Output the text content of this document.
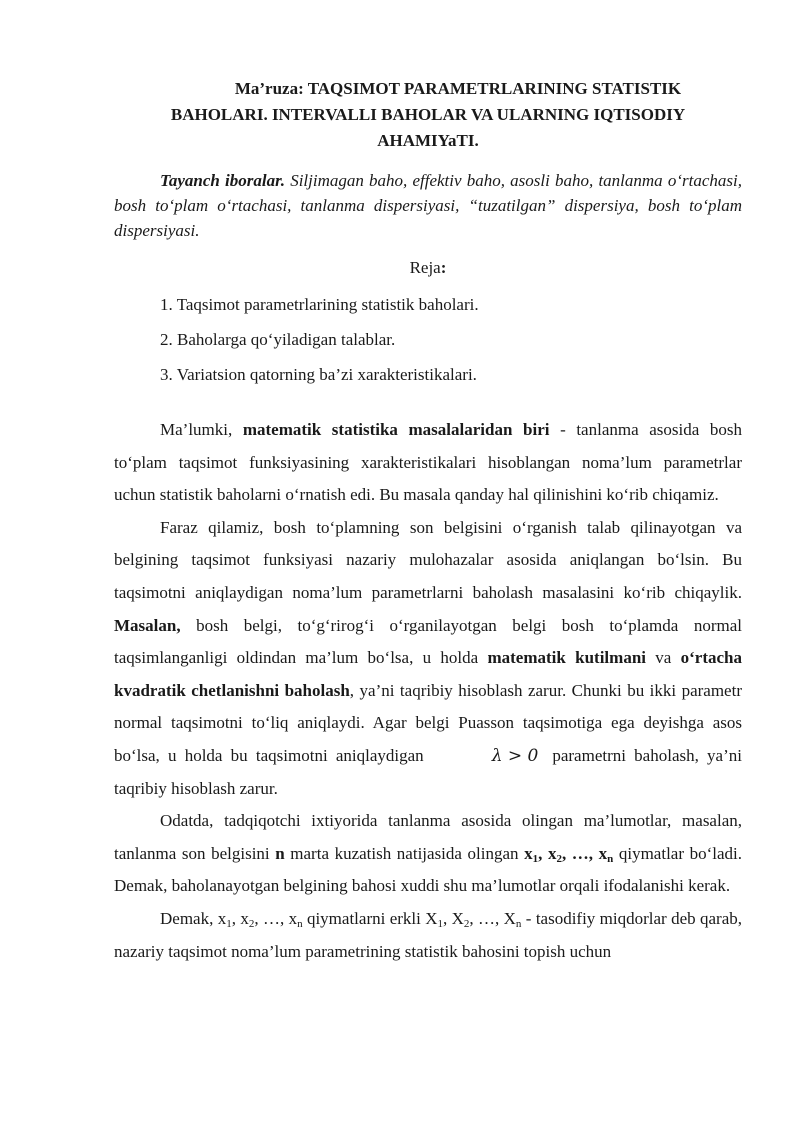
Ma’ruza: TAQSIMOT PARAMETRLARINING STATISTIK
BAHOLARI. INTERVALLI BAHOLAR VA ULARNING IQTISODIY
AHAMIYaTI.

Tayanch iboralar. Siljimagan baho, effektiv baho, asosli baho, tanlanma o‘rtachasi, bosh to‘plam o‘rtachasi, tanlanma dispersiyasi, “tuzatilgan” dispersiya, bosh to‘plam dispersiyasi.

Reja:
1. Taqsimot parametrlarining statistik baholari.
2. Baholarga qo‘yiladigan talablar.
3. Variatsion qatorning ba’zi xarakteristikalari.

Ma’lumki, matematik statistika masalalaridan biri - tanlanma asosida bosh to‘plam taqsimot funksiyasining xarakteristikalari hisoblangan noma’lum parametrlar uchun statistik baholarni o‘rnatish edi. Bu masala qanday hal qilinishini ko‘rib chiqamiz.

Faraz qilamiz, bosh to‘plamning son belgisini o‘rganish talab qilinayotgan va belgining taqsimot funksiyasi nazariy mulohazalar asosida aniqlangan bo‘lsin. Bu taqsimotni aniqlaydigan noma’lum parametrlarni baholash masalasini ko‘rib chiqaylik. Masalan, bosh belgi, to‘g‘rirog‘i o‘rganilayotgan belgi bosh to‘plamda normal taqsimlanganligi oldindan ma’lum bo‘lsa, u holda matematik kutilmani va o‘rtacha kvadratik chetlanishni baholash, ya’ni taqribiy hisoblash zarur. Chunki bu ikki parametr normal taqsimotni to‘liq aniqlaydi. Agar belgi Puasson taqsimotiga ega deyishga asos bo‘lsa, u holda bu taqsimotni aniqlaydigan	λ > 0 parametrni baholash, ya’ni taqribiy hisoblash zarur.

Odatda, tadqiqotchi ixtiyorida tanlanma asosida olingan ma’lumotlar, masalan, tanlanma son belgisini n marta kuzatish natijasida olingan $x_1$, $x_2$, …, $x_n$ qiymatlar bo‘ladi. Demak, baholanayotgan belgining bahosi xuddi shu ma’lumotlar orqali ifodalanishi kerak.

Demak, $x_1$, $x_2$, …, $x_n$ qiymatlarni erkli $X_1$, $X_2$, …, $X_n$ - tasodifiy miqdorlar deb qarab, nazariy taqsimot noma’lum parametrining statistik bahosini topish uchun
